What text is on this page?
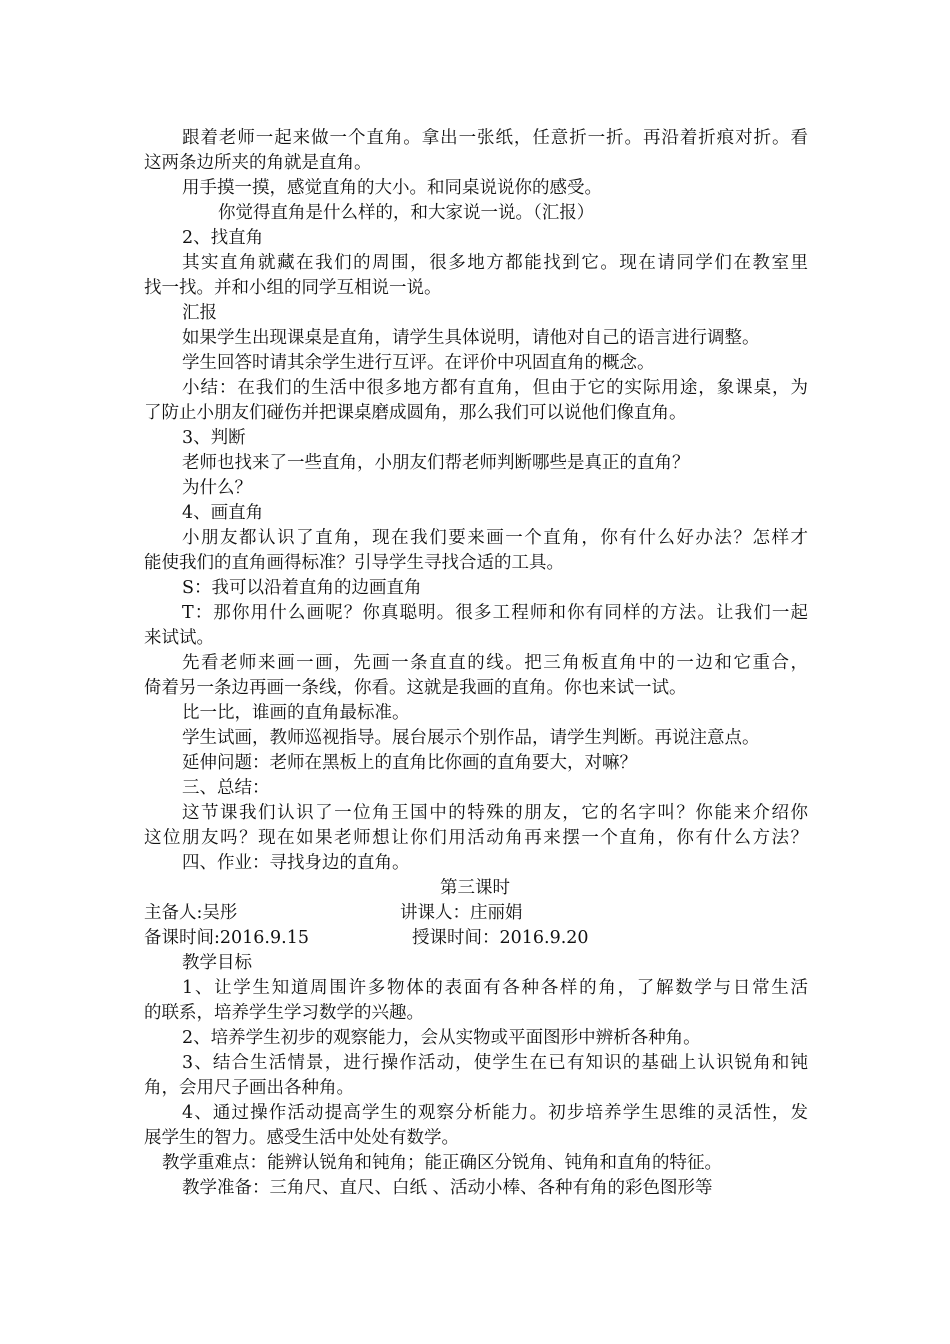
跟着老师一起来做一个直角。拿出一张纸，任意折一折。再沿着折痕对折。看
这两条边所夹的角就是直角。
用手摸一摸，感觉直角的大小。和同桌说说你的感受。
你觉得直角是什么样的，和大家说一说。（汇报）
2、找直角
其实直角就藏在我们的周围，很多地方都能找到它。现在请同学们在教室里
找一找。并和小组的同学互相说一说。
汇报
如果学生出现课桌是直角，请学生具体说明，请他对自己的语言进行调整。
学生回答时请其余学生进行互评。在评价中巩固直角的概念。
小结：在我们的生活中很多地方都有直角，但由于它的实际用途，象课桌，为
了防止小朋友们碰伤并把课桌磨成圆角，那么我们可以说他们像直角。
3、判断
老师也找来了一些直角，小朋友们帮老师判断哪些是真正的直角？
为什么？
4、画直角
小朋友都认识了直角，现在我们要来画一个直角，你有什么好办法？怎样才
能使我们的直角画得标准？引导学生寻找合适的工具。
S：我可以沿着直角的边画直角
T：那你用什么画呢？你真聪明。很多工程师和你有同样的方法。让我们一起
来试试。
先看老师来画一画，先画一条直直的线。把三角板直角中的一边和它重合，
倚着另一条边再画一条线，你看。这就是我画的直角。你也来试一试。
比一比，谁画的直角最标准。
学生试画，教师巡视指导。展台展示个别作品，请学生判断。再说注意点。
延伸问题：老师在黑板上的直角比你画的直角要大，对嘛？
三、总结：
这节课我们认识了一位角王国中的特殊的朋友，它的名字叫？你能来介绍你
这位朋友吗？现在如果老师想让你们用活动角再来摆一个直角，你有什么方法？
四、作业：寻找身边的直角。
第三课时
主备人:吴彤	讲课人：庄丽娟
备课时间:2016.9.15	授课时间：2016.9.20
教学目标
1、让学生知道周围许多物体的表面有各种各样的角，了解数学与日常生活
的联系，培养学生学习数学的兴趣。
2、培养学生初步的观察能力，会从实物或平面图形中辨析各种角。
3、结合生活情景，进行操作活动，使学生在已有知识的基础上认识锐角和钝
角，会用尺子画出各种角。
4、通过操作活动提高学生的观察分析能力。初步培养学生思维的灵活性，发
展学生的智力。感受生活中处处有数学。
教学重难点：能辨认锐角和钝角；能正确区分锐角、钝角和直角的特征。
教学准备：三角尺、直尺、白纸 、活动小棒、各种有角的彩色图形等
